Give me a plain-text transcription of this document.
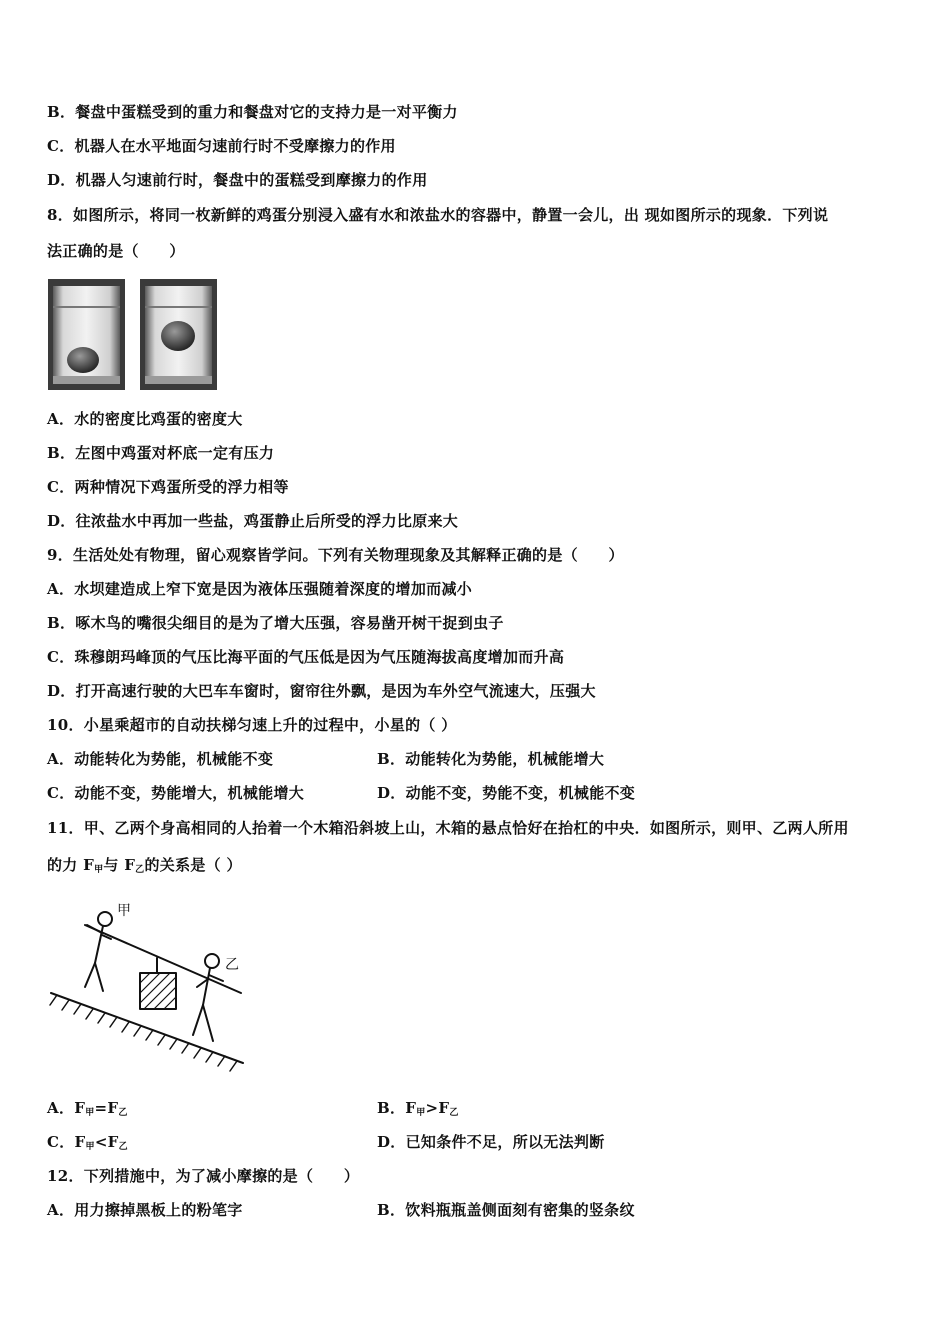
B．餐盘中蛋糕受到的重力和餐盘对它的支持力是一对平衡力
C．机器人在水平地面匀速前行时不受摩擦力的作用
D．机器人匀速前行时，餐盘中的蛋糕受到摩擦力的作用
8．如图所示，将同一枚新鲜的鸡蛋分别浸入盛有水和浓盐水的容器中，静置一会儿，出 现如图所示的现象．下列说
法正确的是（　　）
A．水的密度比鸡蛋的密度大
B．左图中鸡蛋对杯底一定有压力
C．两种情况下鸡蛋所受的浮力相等
D．往浓盐水中再加一些盐，鸡蛋静止后所受的浮力比原来大
9．生活处处有物理，留心观察皆学问。下列有关物理现象及其解释正确的是（　　）
A．水坝建造成上窄下宽是因为液体压强随着深度的增加而减小
B．啄木鸟的嘴很尖细目的是为了增大压强，容易凿开树干捉到虫子
C．珠穆朗玛峰顶的气压比海平面的气压低是因为气压随海拔高度增加而升高
D．打开高速行驶的大巴车车窗时，窗帘往外飘，是因为车外空气流速大，压强大
10．小星乘超市的自动扶梯匀速上升的过程中，小星的（ ）
A．动能转化为势能，机械能不变	B．动能转化为势能，机械能增大
C．动能不变，势能增大，机械能增大	D．动能不变，势能不变，机械能不变
11．甲、乙两个身高相同的人抬着一个木箱沿斜坡上山，木箱的悬点恰好在抬杠的中央．如图所示，则甲、乙两人所用
的力 $F_甲$与 $F_乙$的关系是（ ）
甲
乙
A．$F_甲=F_乙$	B．$F_甲>F_乙$
C．$F_甲<F_乙$	D．已知条件不足，所以无法判断
12．下列措施中，为了减小摩擦的是（　　）
A．用力擦掉黑板上的粉笔字	B．饮料瓶瓶盖侧面刻有密集的竖条纹
